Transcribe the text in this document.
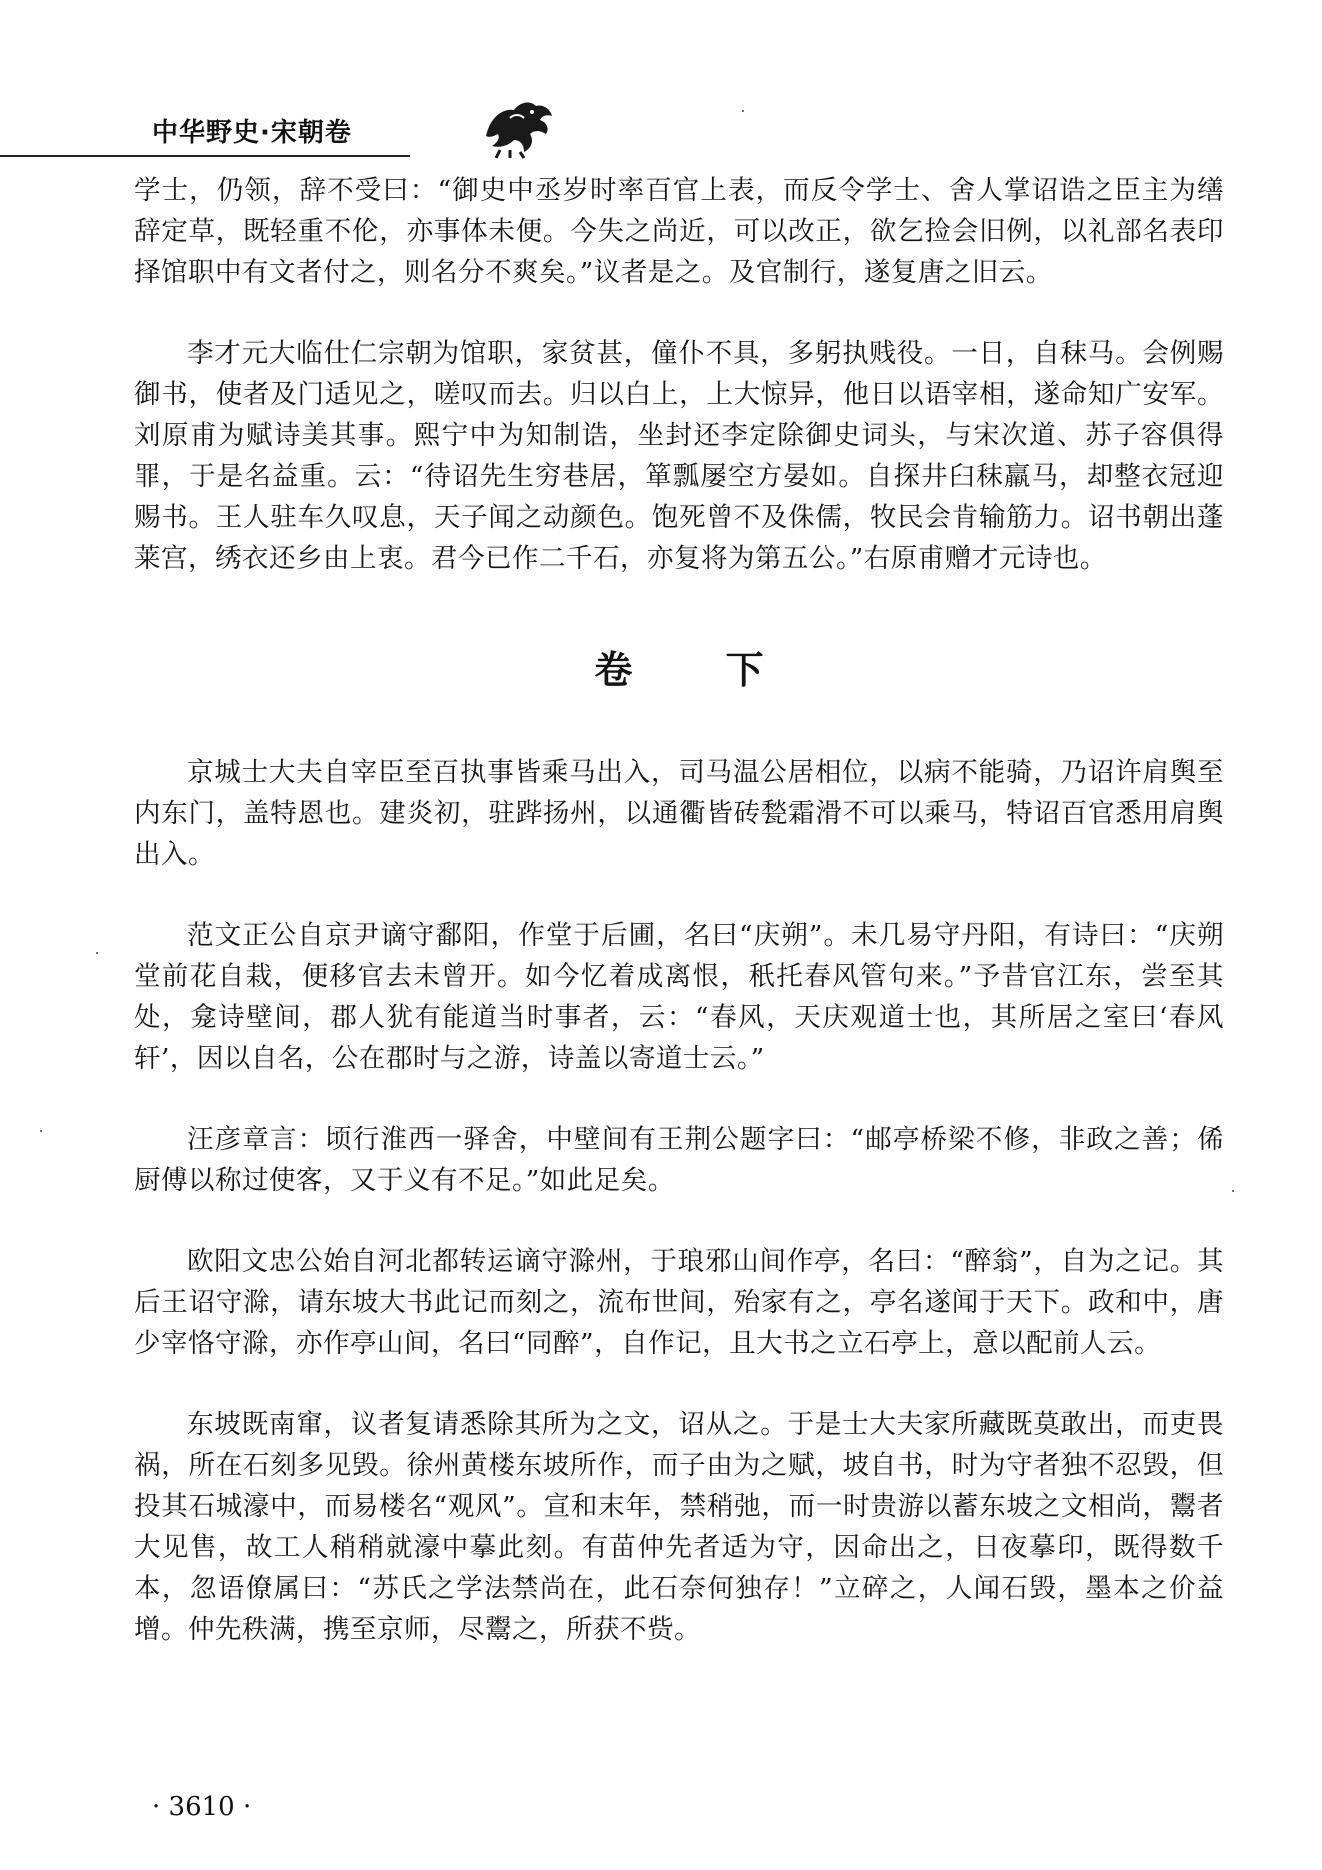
中华野史·宋朝卷

学士，仍领，辞不受曰：“御史中丞岁时率百官上表，而反令学士、舍人掌诏诰之臣主为缮辞定草，既轻重不伦，亦事体未便。今失之尚近，可以改正，欲乞捡会旧例，以礼部名表印择馆职中有文者付之，则名分不爽矣。”议者是之。及官制行，遂复唐之旧云。

李才元大临仕仁宗朝为馆职，家贫甚，僮仆不具，多躬执贱役。一日，自秣马。会例赐御书，使者及门适见之，嗟叹而去。归以白上，上大惊异，他日以语宰相，遂命知广安军。刘原甫为赋诗美其事。熙宁中为知制诰，坐封还李定除御史词头，与宋次道、苏子容俱得罪，于是名益重。云：“待诏先生穷巷居，箪瓢屡空方晏如。自探井臼秣羸马，却整衣冠迎赐书。王人驻车久叹息，天子闻之动颜色。饱死曾不及侏儒，牧民会肯输筋力。诏书朝出蓬莱宫，绣衣还乡由上衷。君今已作二千石，亦复将为第五公。”右原甫赠才元诗也。

卷 下

京城士大夫自宰臣至百执事皆乘马出入，司马温公居相位，以病不能骑，乃诏许肩舆至内东门，盖特恩也。建炎初，驻跸扬州，以通衢皆砖甃霜滑不可以乘马，特诏百官悉用肩舆出入。

范文正公自京尹谪守鄱阳，作堂于后圃，名曰“庆朔”。未几易守丹阳，有诗曰：“庆朔堂前花自栽，便移官去未曾开。如今忆着成离恨，秖托春风管句来。”予昔官江东，尝至其处，龛诗壁间，郡人犹有能道当时事者，云：“春风，天庆观道士也，其所居之室曰‘春风轩’，因以自名，公在郡时与之游，诗盖以寄道士云。”

汪彦章言：顷行淮西一驿舍，中壁间有王荆公题字曰：“邮亭桥梁不修，非政之善；俙厨傅以称过使客，又于义有不足。”如此足矣。

欧阳文忠公始自河北都转运谪守滁州，于琅邪山间作亭，名曰：“醉翁”，自为之记。其后王诏守滁，请东坡大书此记而刻之，流布世间，殆家有之，亭名遂闻于天下。政和中，唐少宰恪守滁，亦作亭山间，名曰“同醉”，自作记，且大书之立石亭上，意以配前人云。

东坡既南窜，议者复请悉除其所为之文，诏从之。于是士大夫家所藏既莫敢出，而吏畏祸，所在石刻多见毁。徐州黄楼东坡所作，而子由为之赋，坡自书，时为守者独不忍毁，但投其石城濠中，而易楼名“观风”。宣和末年，禁稍弛，而一时贵游以蓄东坡之文相尚，鬻者大见售，故工人稍稍就濠中摹此刻。有苗仲先者适为守，因命出之，日夜摹印，既得数千本，忽语僚属曰：“苏氏之学法禁尚在，此石奈何独存！”立碎之，人闻石毁，墨本之价益增。仲先秩满，携至京师，尽鬻之，所获不赀。

· 3610 ·
